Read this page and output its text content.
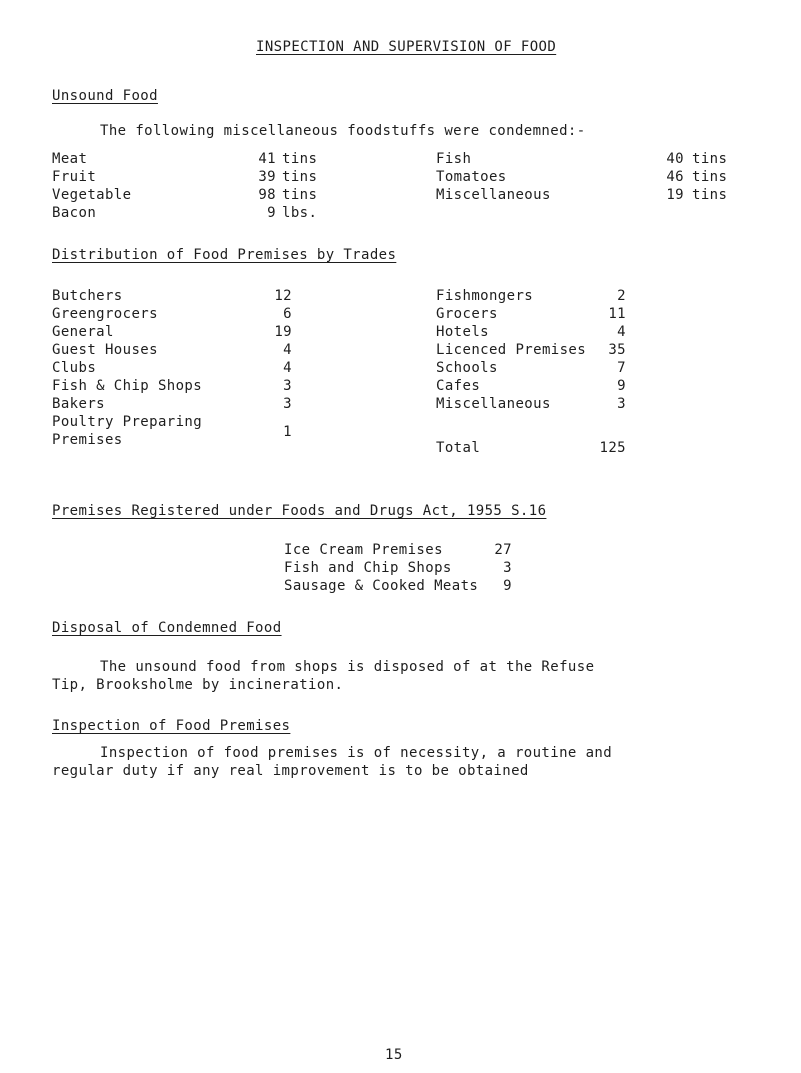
INSPECTION AND SUPERVISION OF FOOD
Unsound Food
The following miscellaneous foodstuffs were condemned:-
Meat	41 tins
Fruit	39 tins
Vegetable	98 tins
Bacon	9 lbs.
Fish	40 tins
Tomatoes	46 tins
Miscellaneous	19 tins
Distribution of Food Premises by Trades
Butchers	12
Greengrocers	6
General	19
Guest Houses	4
Clubs	4
Fish & Chip Shops	3
Bakers	3
Poultry Preparing
Premises	1
Fishmongers	2
Grocers	11
Hotels	4
Licenced Premises	35
Schools	7
Cafes	9
Miscellaneous	3
Total	125
Premises Registered under Foods and Drugs Act, 1955 S.16
Ice Cream Premises	27
Fish and Chip Shops	3
Sausage & Cooked Meats	9
Disposal of Condemned Food
The unsound food from shops is disposed of at the Refuse
Tip, Brooksholme by incineration.
Inspection of Food Premises
Inspection of food premises is of necessity, a routine and
regular duty if any real improvement is to be obtained
15
